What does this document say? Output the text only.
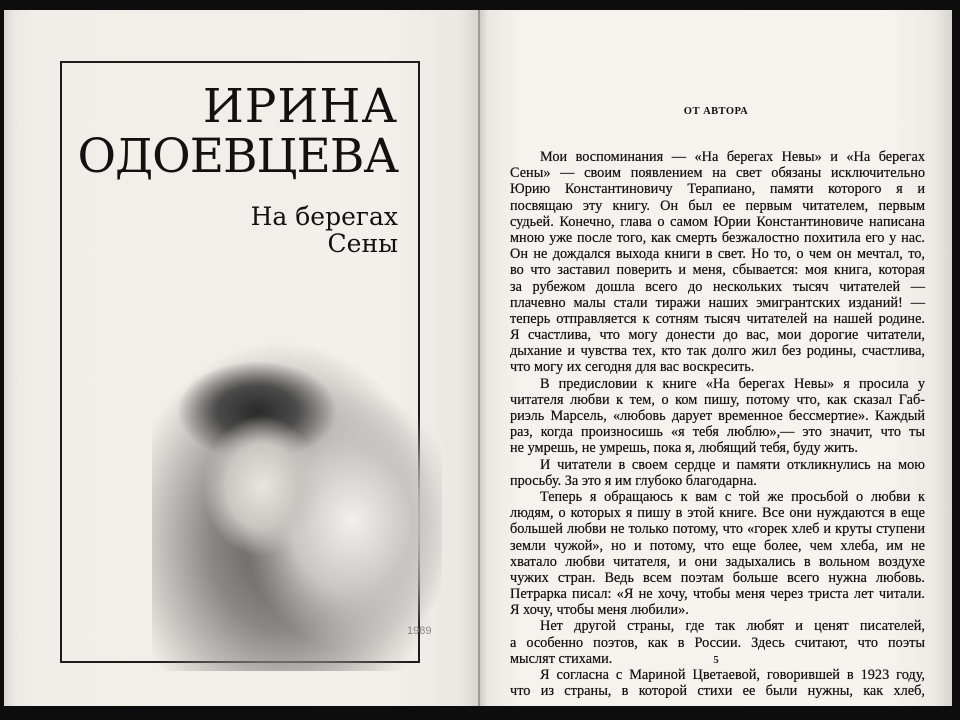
ИРИНА
ОДОЕВЦЕВА
На берегах
Сены
1989
ОТ АВТОРА
Мои воспоминания — «На берегах Невы» и «На берегах
Сены» — своим появлением на свет обязаны исключительно
Юрию Константиновичу Терапиано, памяти которого я и
посвящаю эту книгу. Он был ее первым читателем, первым
судьей. Конечно, глава о самом Юрии Константиновиче написана
мною уже после того, как смерть безжалостно похитила его у нас.
Он не дождался выхода книги в свет. Но то, о чем он мечтал, то,
во что заставил поверить и меня, сбывается: моя книга, которая
за рубежом дошла всего до нескольких тысяч читателей —
плачевно малы стали тиражи наших эмигрантских изданий! —
теперь отправляется к сотням тысяч читателей на нашей родине.
Я счастлива, что могу донести до вас, мои дорогие читатели,
дыхание и чувства тех, кто так долго жил без родины, счастлива,
что могу их сегодня для вас воскресить.
В предисловии к книге «На берегах Невы» я просила у
читателя любви к тем, о ком пишу, потому что, как сказал Габ-
риэль Марсель, «любовь дарует временное бессмертие». Каждый
раз, когда произносишь «я тебя люблю»,— это значит, что ты
не умрешь, не умрешь, пока я, любящий тебя, буду жить.
И читатели в своем сердце и памяти откликнулись на мою
просьбу. За это я им глубоко благодарна.
Теперь я обращаюсь к вам с той же просьбой о любви к
людям, о которых я пишу в этой книге. Все они нуждаются в еще
большей любви не только потому, что «горек хлеб и круты ступени
земли чужой», но и потому, что еще более, чем хлеба, им не
хватало любви читателя, и они задыхались в вольном воздухе
чужих стран. Ведь всем поэтам больше всего нужна любовь.
Петрарка писал: «Я не хочу, чтобы меня через триста лет читали.
Я хочу, чтобы меня любили».
Нет другой страны, где так любят и ценят писателей,
а особенно поэтов, как в России. Здесь считают, что поэты
мыслят стихами.
Я согласна с Мариной Цветаевой, говорившей в 1923 году,
что из страны, в которой стихи ее были нужны, как хлеб,
5
